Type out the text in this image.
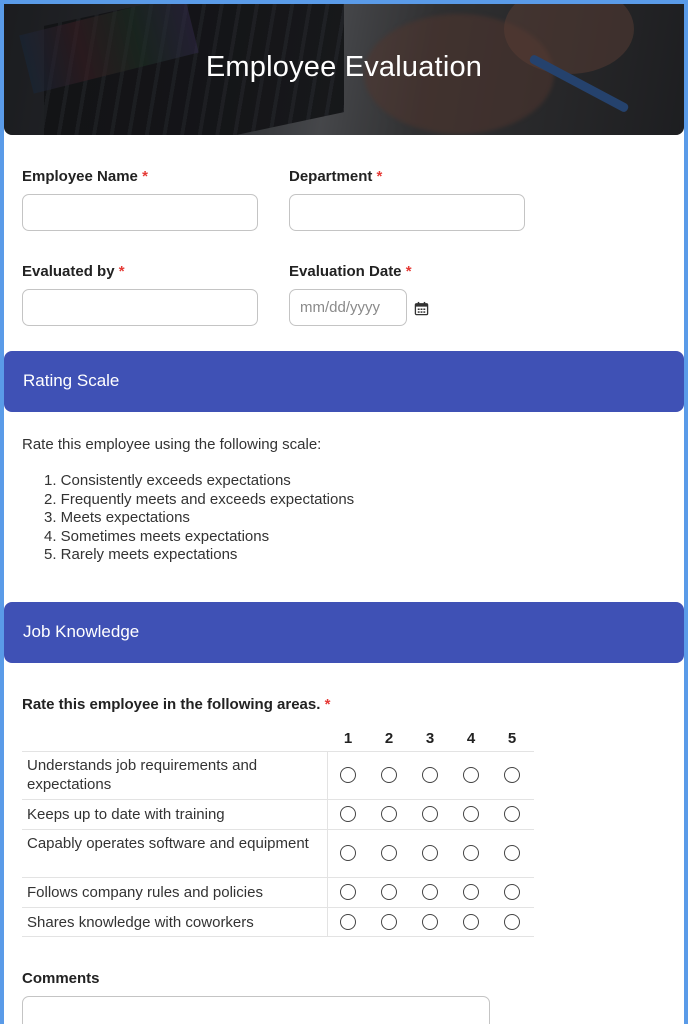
Employee Evaluation
Employee Name *	Department *
Evaluated by *	Evaluation Date *
mm/dd/yyyy
Rating Scale
Rate this employee using the following scale:
1. Consistently exceeds expectations
2. Frequently meets and exceeds expectations
3. Meets expectations
4. Sometimes meets expectations
5. Rarely meets expectations
Job Knowledge
Rate this employee in the following areas. *
1	2	3	4	5
Understands job requirements and expectations
Keeps up to date with training
Capably operates software and equipment
Follows company rules and policies
Shares knowledge with coworkers
Comments
